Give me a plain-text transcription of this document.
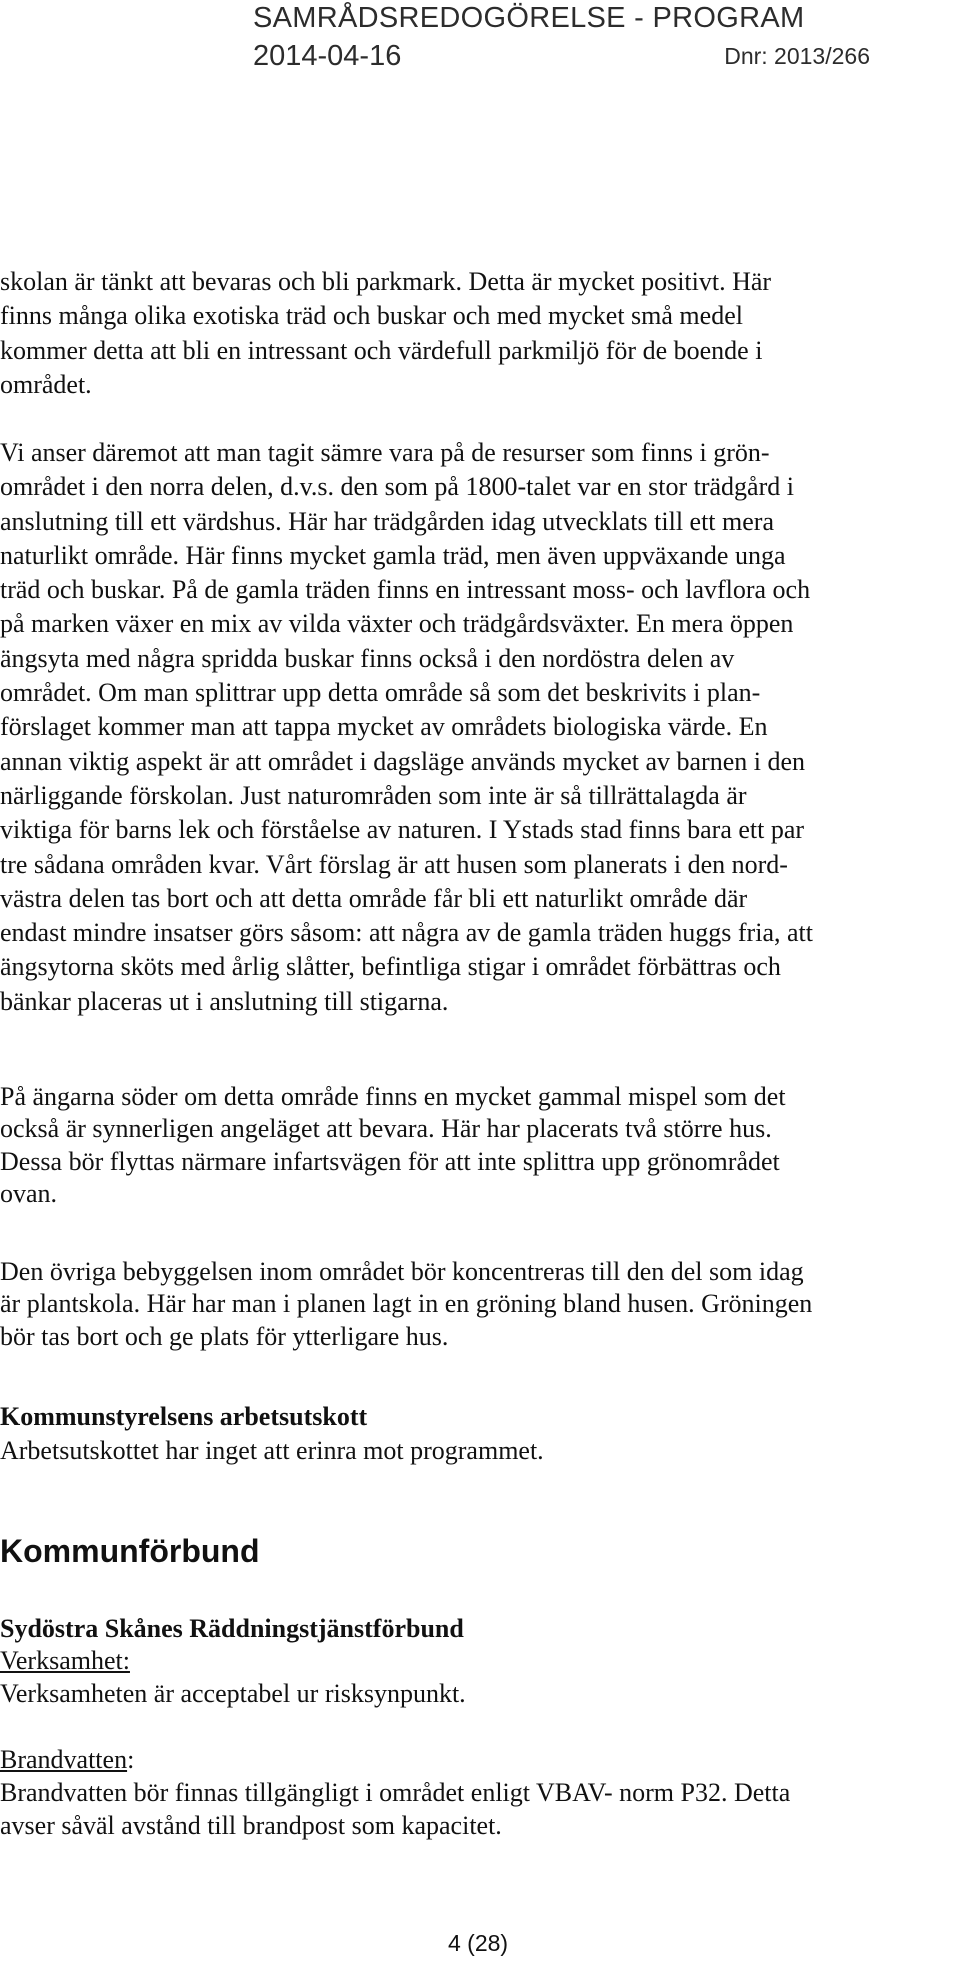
SAMRÅDSREDOGÖRELSE - PROGRAM
2014-04-16	Dnr: 2013/266

skolan är tänkt att bevaras och bli parkmark. Detta är mycket positivt. Här
finns många olika exotiska träd och buskar och med mycket små medel
kommer detta att bli en intressant och värdefull parkmiljö för de boende i
området.

Vi anser däremot att man tagit sämre vara på de resurser som finns i grön-
området i den norra delen, d.v.s. den som på 1800-talet var en stor trädgård i
anslutning till ett värdshus. Här har trädgården idag utvecklats till ett mera
naturlikt område. Här finns mycket gamla träd, men även uppväxande unga
träd och buskar. På de gamla träden finns en intressant moss- och lavflora och
på marken växer en mix av vilda växter och trädgårdsväxter. En mera öppen
ängsyta med några spridda buskar finns också i den nordöstra delen av
området. Om man splittrar upp detta område så som det beskrivits i plan-
förslaget kommer man att tappa mycket av områdets biologiska värde. En
annan viktig aspekt är att området i dagsläge används mycket av barnen i den
närliggande förskolan. Just naturområden som inte är så tillrättalagda är
viktiga för barns lek och förståelse av naturen. I Ystads stad finns bara ett par
tre sådana områden kvar. Vårt förslag är att husen som planerats i den nord-
västra delen tas bort och att detta område får bli ett naturlikt område där
endast mindre insatser görs såsom: att några av de gamla träden huggs fria, att
ängsytorna sköts med årlig slåtter, befintliga stigar i området förbättras och
bänkar placeras ut i anslutning till stigarna.

På ängarna söder om detta område finns en mycket gammal mispel som det
också är synnerligen angeläget att bevara. Här har placerats två större hus.
Dessa bör flyttas närmare infartsvägen för att inte splittra upp grönområdet
ovan.

Den övriga bebyggelsen inom området bör koncentreras till den del som idag
är plantskola. Här har man i planen lagt in en gröning bland husen. Gröningen
bör tas bort och ge plats för ytterligare hus.

Kommunstyrelsens arbetsutskott
Arbetsutskottet har inget att erinra mot programmet.
Kommunförbund
Sydöstra Skånes Räddningstjänstförbund
Verksamhet:
Verksamheten är acceptabel ur risksynpunkt.
Brandvatten:
Brandvatten bör finnas tillgängligt i området enligt VBAV- norm P32. Detta
avser såväl avstånd till brandpost som kapacitet.
4 (28)
